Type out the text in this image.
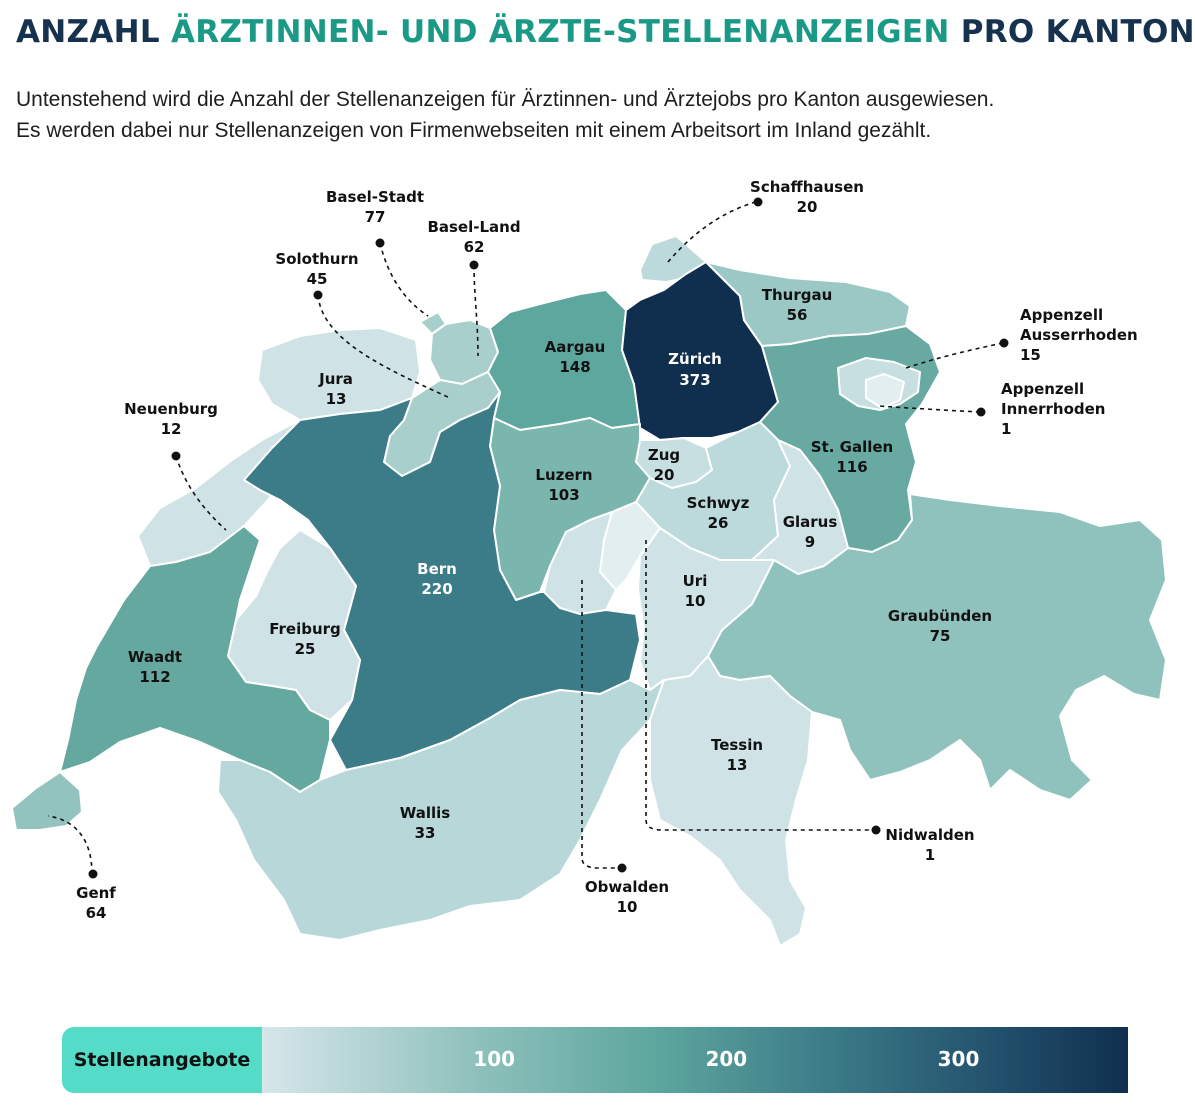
ANZAHL ÄRZTINNEN- UND ÄRZTE-STELLENANZEIGEN PRO KANTON
Untenstehend wird die Anzahl der Stellenanzeigen für Ärztinnen- und Ärztejobs pro Kanton ausgewiesen.
Es werden dabei nur Stellenanzeigen von Firmenwebseiten mit einem Arbeitsort im Inland gezählt.
Zürich 373
Bern 220
Aargau 148
St. Gallen 116
Waadt 112
Luzern 103
Basel-Stadt 77
Graubünden 75
Genf 64
Basel-Land 62
Thurgau 56
Solothurn 45
Wallis 33
Schwyz 26
Freiburg 25
Schaffhausen 20
Zug 20
Appenzell Ausserrhoden 15
Jura 13
Tessin 13
Neuenburg 12
Uri 10
Obwalden 10
Glarus 9
Appenzell Innerrhoden 1
Nidwalden 1
Stellenangebote	100	200	300
